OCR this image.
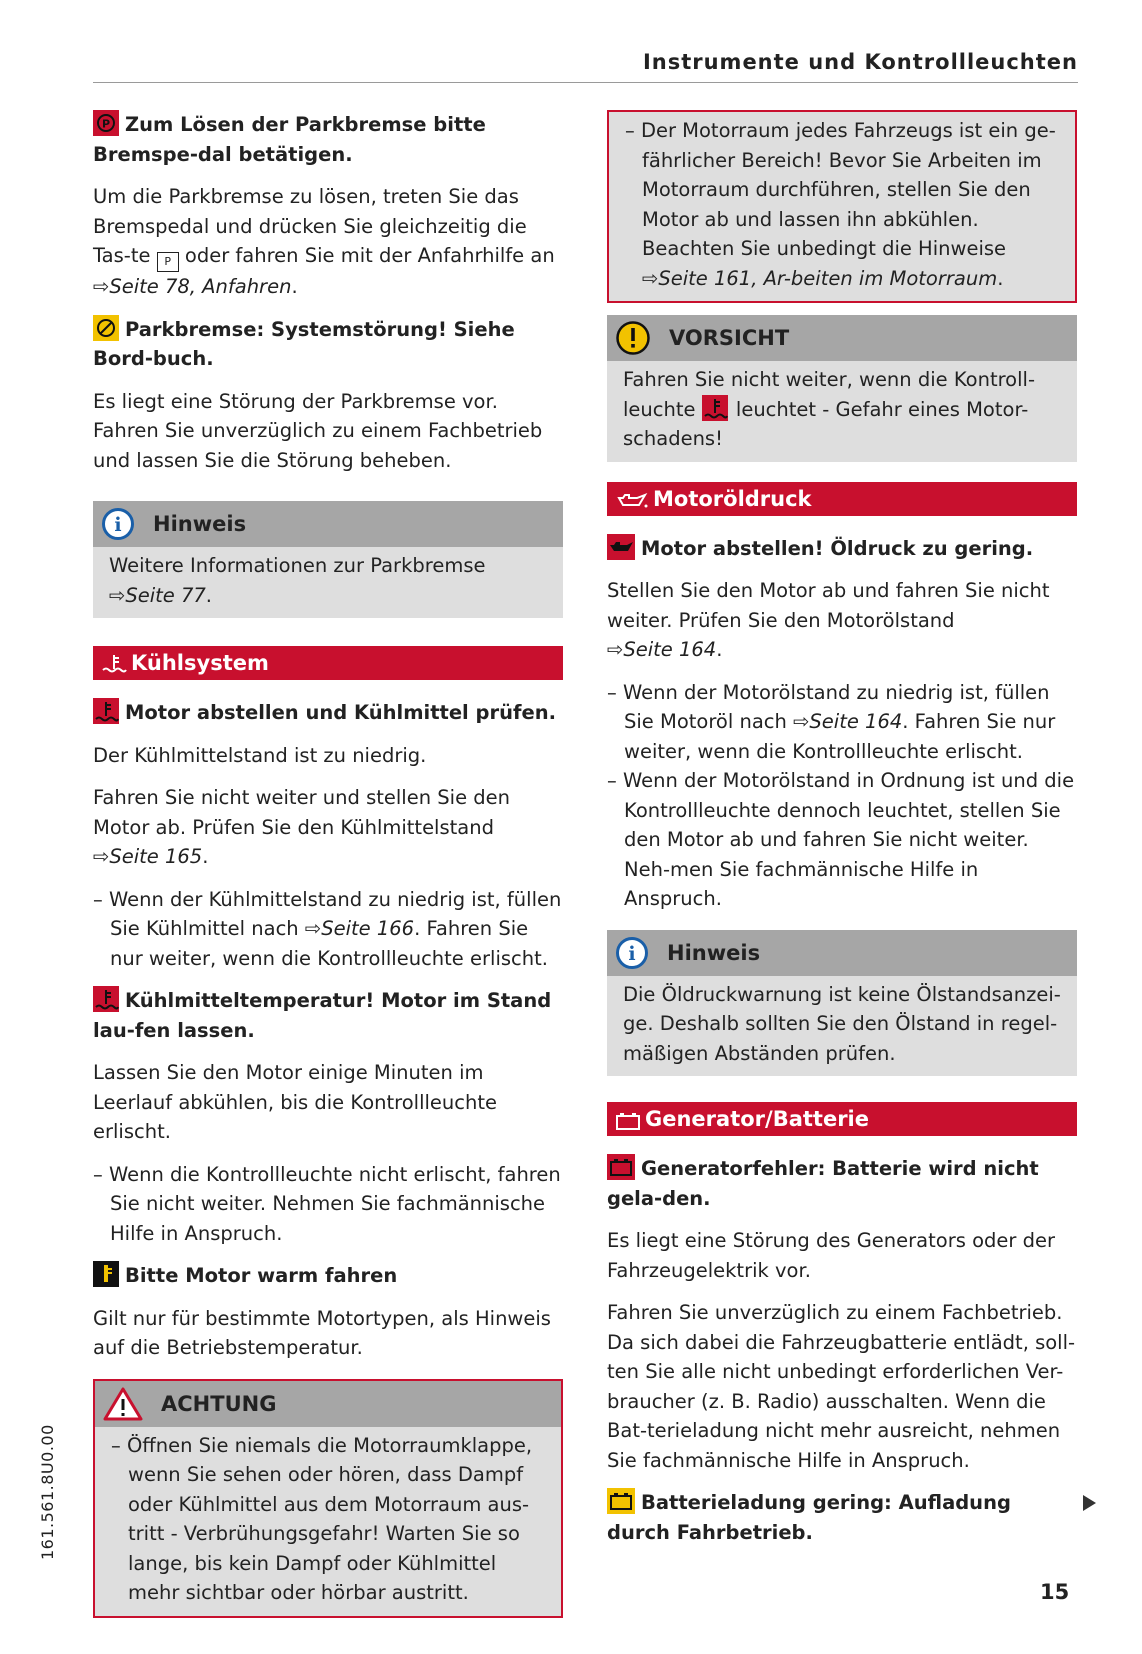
Instrumente und Kontrollleuchten
P Zum Lösen der Parkbremse bitte Bremspe-dal betätigen.

Um die Parkbremse zu lösen, treten Sie das Bremspedal und drücken Sie gleichzeitig die Tas-te P oder fahren Sie mit der Anfahrhilfe an
⇨Seite 78, Anfahren.

Parkbremse: Systemstörung! Siehe Bord-buch.

Es liegt eine Störung der Parkbremse vor. Fahren Sie unverzüglich zu einem Fachbetrieb und lassen Sie die Störung beheben.

i Hinweis

Weitere Informationen zur Parkbremse
⇨Seite 77.

Kühlsystem
Motor abstellen und Kühlmittel prüfen.

Der Kühlmittelstand ist zu niedrig.

Fahren Sie nicht weiter und stellen Sie den Motor ab. Prüfen Sie den Kühlmittelstand ⇨Seite 165.

– Wenn der Kühlmittelstand zu niedrig ist, füllen Sie Kühlmittel nach ⇨Seite 166. Fahren Sie nur weiter, wenn die Kontrollleuchte erlischt.

Kühlmitteltemperatur! Motor im Stand lau-fen lassen.

Lassen Sie den Motor einige Minuten im Leerlauf abkühlen, bis die Kontrollleuchte erlischt.

– Wenn die Kontrollleuchte nicht erlischt, fahren Sie nicht weiter. Nehmen Sie fachmännische Hilfe in Anspruch.

Bitte Motor warm fahren

Gilt nur für bestimmte Motortypen, als Hinweis auf die Betriebstemperatur.

ACHTUNG

– Öffnen Sie niemals die Motorraumklappe, wenn Sie sehen oder hören, dass Dampf oder Kühlmittel aus dem Motorraum aus-tritt - Verbrühungsgefahr! Warten Sie so lange, bis kein Dampf oder Kühlmittel mehr sichtbar oder hörbar austritt.

– Der Motorraum jedes Fahrzeugs ist ein ge-fährlicher Bereich! Bevor Sie Arbeiten im Motorraum durchführen, stellen Sie den Motor ab und lassen ihn abkühlen. Beachten Sie unbedingt die Hinweise ⇨Seite 161, Ar-beiten im Motorraum.

VORSICHT

Fahren Sie nicht weiter, wenn die Kontroll-leuchte leuchtet - Gefahr eines Motor-schadens!

Motoröldruck
Motor abstellen! Öldruck zu gering.

Stellen Sie den Motor ab und fahren Sie nicht weiter. Prüfen Sie den Motorölstand
⇨Seite 164.

– Wenn der Motorölstand zu niedrig ist, füllen Sie Motoröl nach ⇨Seite 164. Fahren Sie nur weiter, wenn die Kontrollleuchte erlischt.

– Wenn der Motorölstand in Ordnung ist und die Kontrollleuchte dennoch leuchtet, stellen Sie den Motor ab und fahren Sie nicht weiter. Neh-men Sie fachmännische Hilfe in Anspruch.

i Hinweis

Die Öldruckwarnung ist keine Ölstandsanzei-ge. Deshalb sollten Sie den Ölstand in regel-mäßigen Abständen prüfen.

Generator/Batterie
Generatorfehler: Batterie wird nicht gela-den.

Es liegt eine Störung des Generators oder der Fahrzeugelektrik vor.

Fahren Sie unverzüglich zu einem Fachbetrieb. Da sich dabei die Fahrzeugbatterie entlädt, soll-ten Sie alle nicht unbedingt erforderlichen Ver-braucher (z. B. Radio) ausschalten. Wenn die Bat-terieladung nicht mehr ausreicht, nehmen Sie fachmännische Hilfe in Anspruch.

Batterieladung gering: Aufladung durch Fahrbetrieb.
161.561.8U0.00
15
